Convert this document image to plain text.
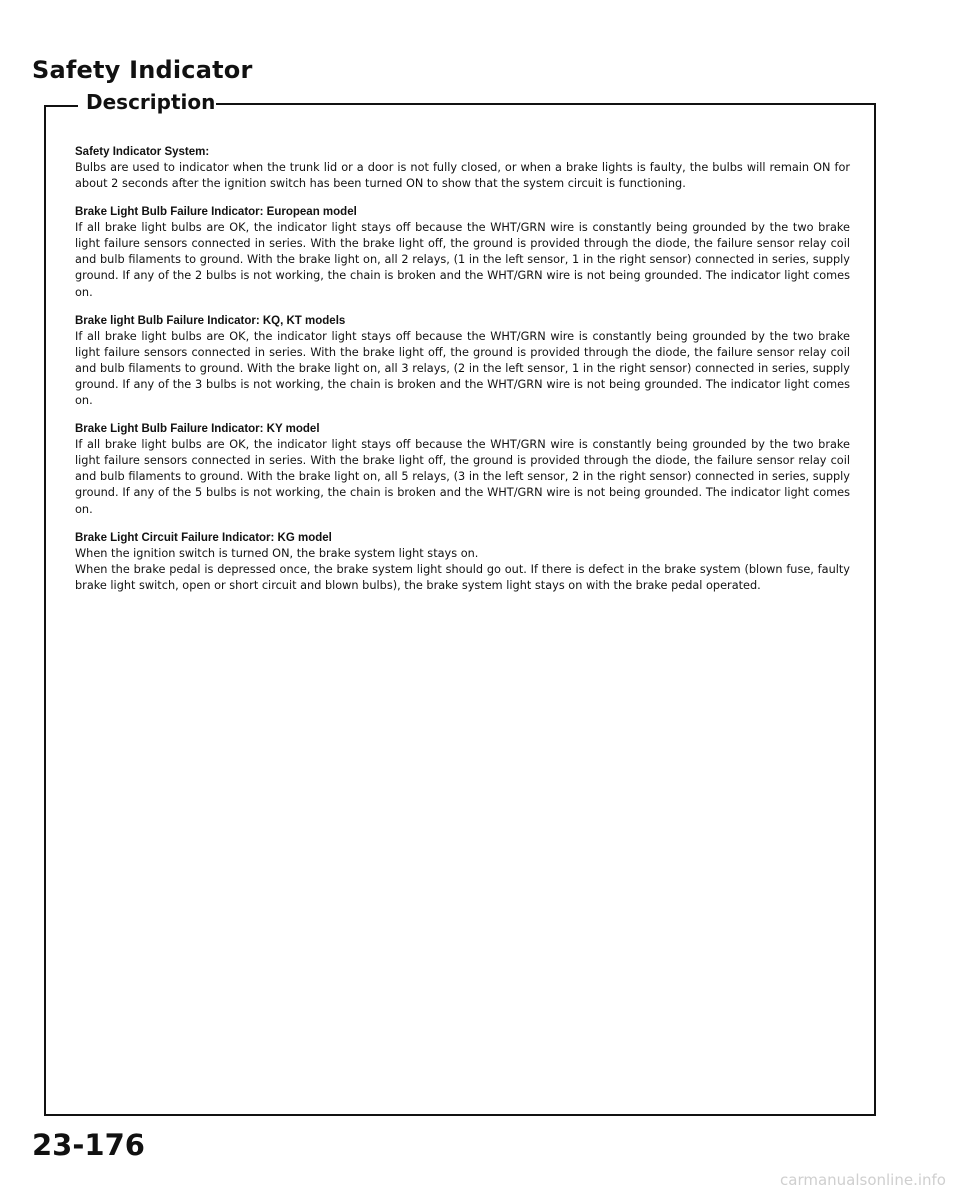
Safety Indicator
Description

Safety Indicator System:

Bulbs are used to indicator when the trunk lid or a door is not fully closed, or when a brake lights is faulty, the bulbs will remain ON for about 2 seconds after the ignition switch has been turned ON to show that the system circuit is functioning.

Brake Light Bulb Failure Indicator: European model

If all brake light bulbs are OK, the indicator light stays off because the WHT/GRN wire is constantly being grounded by the two brake light failure sensors connected in series. With the brake light off, the ground is provided through the diode, the failure sensor relay coil and bulb filaments to ground. With the brake light on, all 2 relays, (1 in the left sensor, 1 in the right sensor) connected in series, supply ground. If any of the 2 bulbs is not working, the chain is broken and the WHT/GRN wire is not being grounded. The indicator light comes on.

Brake light Bulb Failure Indicator: KQ, KT models

If all brake light bulbs are OK, the indicator light stays off because the WHT/GRN wire is constantly being grounded by the two brake light failure sensors connected in series. With the brake light off, the ground is provided through the diode, the failure sensor relay coil and bulb filaments to ground. With the brake light on, all 3 relays, (2 in the left sensor, 1 in the right sensor) connected in series, supply ground. If any of the 3 bulbs is not working, the chain is broken and the WHT/GRN wire is not being grounded. The indicator light comes on.

Brake Light Bulb Failure Indicator: KY model

If all brake light bulbs are OK, the indicator light stays off because the WHT/GRN wire is constantly being grounded by the two brake light failure sensors connected in series. With the brake light off, the ground is provided through the diode, the failure sensor relay coil and bulb filaments to ground. With the brake light on, all 5 relays, (3 in the left sensor, 2 in the right sensor) connected in series, supply ground. If any of the 5 bulbs is not working, the chain is broken and the WHT/GRN wire is not being grounded. The indicator light comes on.

Brake Light Circuit Failure Indicator: KG model

When the ignition switch is turned ON, the brake system light stays on.

When the brake pedal is depressed once, the brake system light should go out. If there is defect in the brake system (blown fuse, faulty brake light switch, open or short circuit and blown bulbs), the brake system light stays on with the brake pedal operated.

23-176

carmanualsonline.info
